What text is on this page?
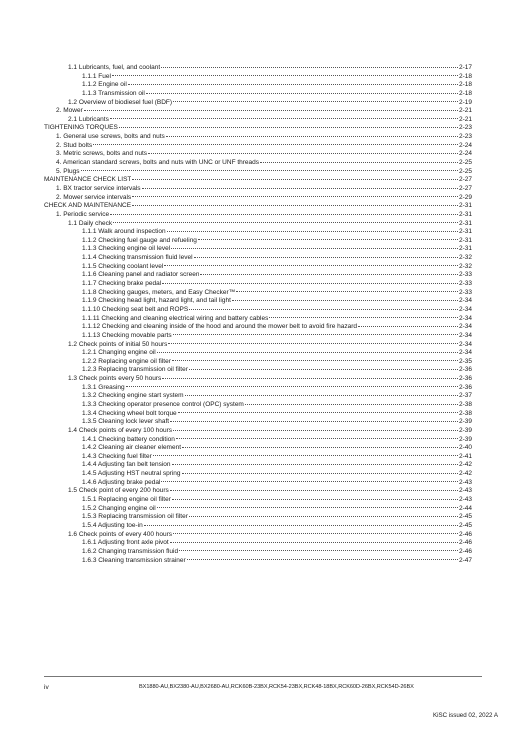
1.1 Lubricants, fuel, and coolant	2-17
1.1.1 Fuel	2-18
1.1.2 Engine oil	2-18
1.1.3 Transmission oil	2-18
1.2 Overview of biodiesel fuel (BDF)	2-19
2. Mower	2-21
2.1 Lubricants	2-21
TIGHTENING TORQUES	2-23
1. General use screws, bolts and nuts	2-23
2. Stud bolts	2-24
3. Metric screws, bolts and nuts	2-24
4. American standard screws, bolts and nuts with UNC or UNF threads	2-25
5. Plugs	2-25
MAINTENANCE CHECK LIST	2-27
1. BX tractor service intervals	2-27
2. Mower service intervals	2-29
CHECK AND MAINTENANCE	2-31
1. Periodic service	2-31
1.1 Daily check	2-31
1.1.1 Walk around inspection	2-31
1.1.2 Checking fuel gauge and refueling	2-31
1.1.3 Checking engine oil level	2-31
1.1.4 Checking transmission fluid level	2-32
1.1.5 Checking coolant level	2-32
1.1.6 Cleaning panel and radiator screen	2-33
1.1.7 Checking brake pedal	2-33
1.1.8 Checking gauges, meters, and Easy Checker™	2-33
1.1.9 Checking head light, hazard light, and tail light	2-34
1.1.10 Checking seat belt and ROPS	2-34
1.1.11 Checking and cleaning electrical wiring and battery cables	2-34
1.1.12 Checking and cleaning inside of the hood and around the mower belt to avoid fire hazard	2-34
1.1.13 Checking movable parts	2-34
1.2 Check points of initial 50 hours	2-34
1.2.1 Changing engine oil	2-34
1.2.2 Replacing engine oil filter	2-35
1.2.3 Replacing transmission oil filter	2-36
1.3 Check points every 50 hours	2-36
1.3.1 Greasing	2-36
1.3.2 Checking engine start system	2-37
1.3.3 Checking operator presence control (OPC) system	2-38
1.3.4 Checking wheel bolt torque	2-38
1.3.5 Cleaning lock lever shaft	2-39
1.4 Check points of every 100 hours	2-39
1.4.1 Checking battery condition	2-39
1.4.2 Cleaning air cleaner element	2-40
1.4.3 Checking fuel filter	2-41
1.4.4 Adjusting fan belt tension	2-42
1.4.5 Adjusting HST neutral spring	2-42
1.4.6 Adjusting brake pedal	2-43
1.5 Check point of every 200 hours	2-43
1.5.1 Replacing engine oil filter	2-43
1.5.2 Changing engine oil	2-44
1.5.3 Replacing transmission oil filter	2-45
1.5.4 Adjusting toe-in	2-45
1.6 Check points of every 400 hours	2-46
1.6.1 Adjusting front axle pivot	2-46
1.6.2 Changing transmission fluid	2-46
1.6.3 Cleaning transmission strainer	2-47
iv	BX1880-AU,BX2380-AU,BX2680-AU,RCK60B-23BX,RCK54-23BX,RCK48-18BX,RCK60D-26BX,RCK54D-26BX
KiSC issued 02, 2022 A
